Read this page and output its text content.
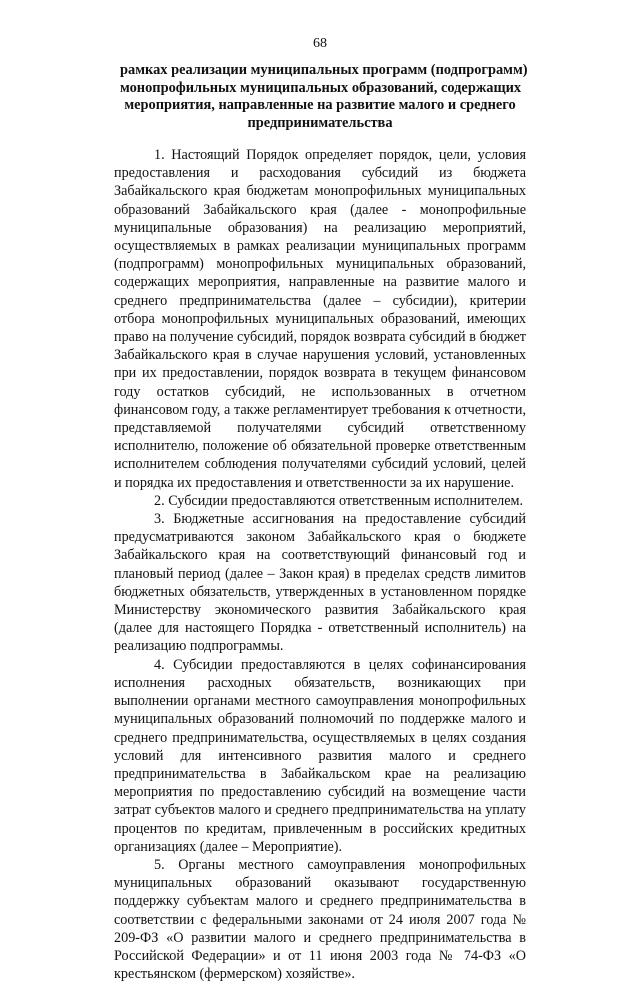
68
рамках реализации муниципальных программ (подпрограмм)
монопрофильных муниципальных образований, содержащих
мероприятия, направленные на развитие малого и среднего
предпринимательства

1. Настоящий Порядок определяет порядок, цели, условия предоставления и расходования субсидий из бюджета Забайкальского края бюджетам монопрофильных муниципальных образований Забайкальского края (далее - монопрофильные муниципальные образования) на реализацию мероприятий, осуществляемых в рамках реализации муниципальных программ (подпрограмм) монопрофильных муниципальных образований, содержащих мероприятия, направленные на развитие малого и среднего предпринимательства (далее – субсидии), критерии отбора монопрофильных муниципальных образований, имеющих право на получение субсидий, порядок возврата субсидий в бюджет Забайкальского края в случае нарушения условий, установленных при их предоставлении, порядок возврата в текущем финансовом году остатков субсидий, не использованных в отчетном финансовом году, а также регламентирует требования к отчетности, представляемой получателями субсидий ответственному исполнителю, положение об обязательной проверке ответственным исполнителем соблюдения получателями субсидий условий, целей и порядка их предоставления и ответственности за их нарушение.

2. Субсидии предоставляются ответственным исполнителем.

3. Бюджетные ассигнования на предоставление субсидий предусматриваются законом Забайкальского края о бюджете Забайкальского края на соответствующий финансовый год и плановый период (далее – Закон края) в пределах средств лимитов бюджетных обязательств, утвержденных в установленном порядке Министерству экономического развития Забайкальского края (далее для настоящего Порядка - ответственный исполнитель) на реализацию подпрограммы.

4. Субсидии предоставляются в целях софинансирования исполнения расходных обязательств, возникающих при выполнении органами местного самоуправления монопрофильных муниципальных образований полномочий по поддержке малого и среднего предпринимательства, осуществляемых в целях создания условий для интенсивного развития малого и среднего предпринимательства в Забайкальском крае на реализацию мероприятия по предоставлению субсидий на возмещение части затрат субъектов малого и среднего предпринимательства на уплату процентов по кредитам, привлеченным в российских кредитных организациях (далее – Мероприятие).

5. Органы местного самоуправления монопрофильных муниципальных образований оказывают государственную поддержку субъектам малого и среднего предпринимательства в соответствии с федеральными законами от 24 июля 2007 года № 209-ФЗ «О развитии малого и среднего предпринимательства в Российской Федерации» и от 11 июня 2003 года № 74-ФЗ «О крестьянском (фермерском) хозяйстве».
